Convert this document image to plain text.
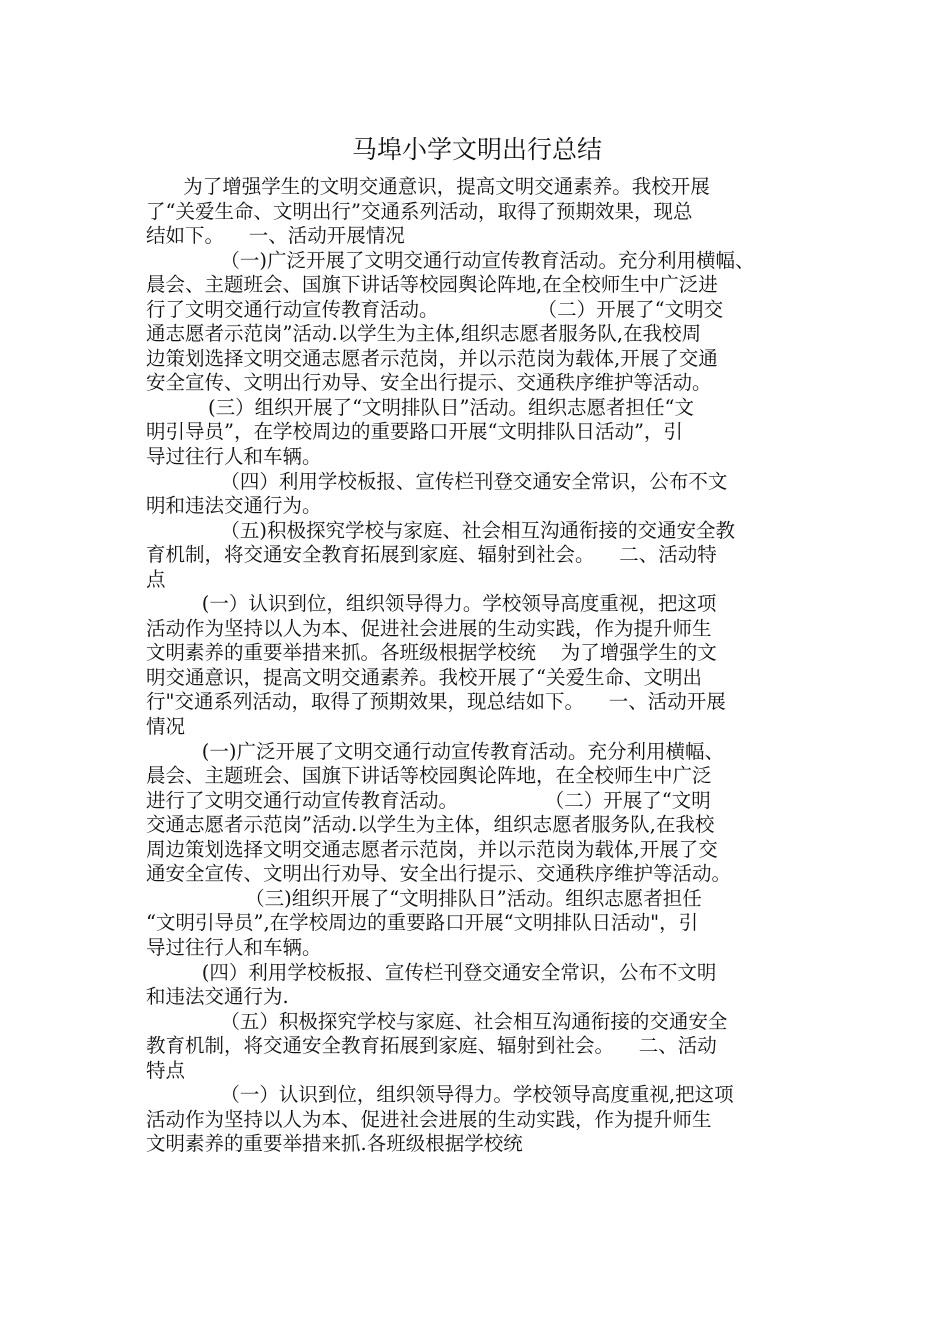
马埠小学文明出行总结
为了增强学生的文明交通意识，提高文明交通素养。我校开展
了“关爱生命、文明出行”交通系列活动，取得了预期效果，现总
结如下。    一、活动开展情况
（一)广泛开展了文明交通行动宣传教育活动。充分利用横幅、
晨会、主题班会、国旗下讲话等校园舆论阵地,在全校师生中广泛进
行了文明交通行动宣传教育活动。                （二）开展了“文明交
通志愿者示范岗”活动.以学生为主体,组织志愿者服务队,在我校周
边策划选择文明交通志愿者示范岗，并以示范岗为载体,开展了交通
安全宣传、文明出行劝导、安全出行提示、交通秩序维护等活动。
(三）组织开展了“文明排队日”活动。组织志愿者担任“文
明引导员”，在学校周边的重要路口开展“文明排队日活动”，引
导过往行人和车辆。
（四）利用学校板报、宣传栏刊登交通安全常识，公布不文
明和违法交通行为。
（五)积极探究学校与家庭、社会相互沟通衔接的交通安全教
育机制，将交通安全教育拓展到家庭、辐射到社会。    二、活动特
点
(一）认识到位，组织领导得力。学校领导高度重视，把这项
活动作为坚持以人为本、促进社会进展的生动实践，作为提升师生
文明素养的重要举措来抓。各班级根据学校统    为了增强学生的文
明交通意识，提高文明交通素养。我校开展了“关爱生命、文明出
行"交通系列活动，取得了预期效果，现总结如下。    一、活动开展
情况
(一)广泛开展了文明交通行动宣传教育活动。充分利用横幅、
晨会、主题班会、国旗下讲话等校园舆论阵地，在全校师生中广泛
进行了文明交通行动宣传教育活动。              （二）开展了“文明
交通志愿者示范岗”活动.以学生为主体，组织志愿者服务队,在我校
周边策划选择文明交通志愿者示范岗，并以示范岗为载体,开展了交
通安全宣传、文明出行劝导、安全出行提示、交通秩序维护等活动。
（三)组织开展了“文明排队日”活动。组织志愿者担任
“文明引导员”,在学校周边的重要路口开展“文明排队日活动"，引
导过往行人和车辆。
(四）利用学校板报、宣传栏刊登交通安全常识，公布不文明
和违法交通行为.
（五）积极探究学校与家庭、社会相互沟通衔接的交通安全
教育机制，将交通安全教育拓展到家庭、辐射到社会。    二、活动
特点
（一）认识到位，组织领导得力。学校领导高度重视,把这项
活动作为坚持以人为本、促进社会进展的生动实践，作为提升师生
文明素养的重要举措来抓.各班级根据学校统
